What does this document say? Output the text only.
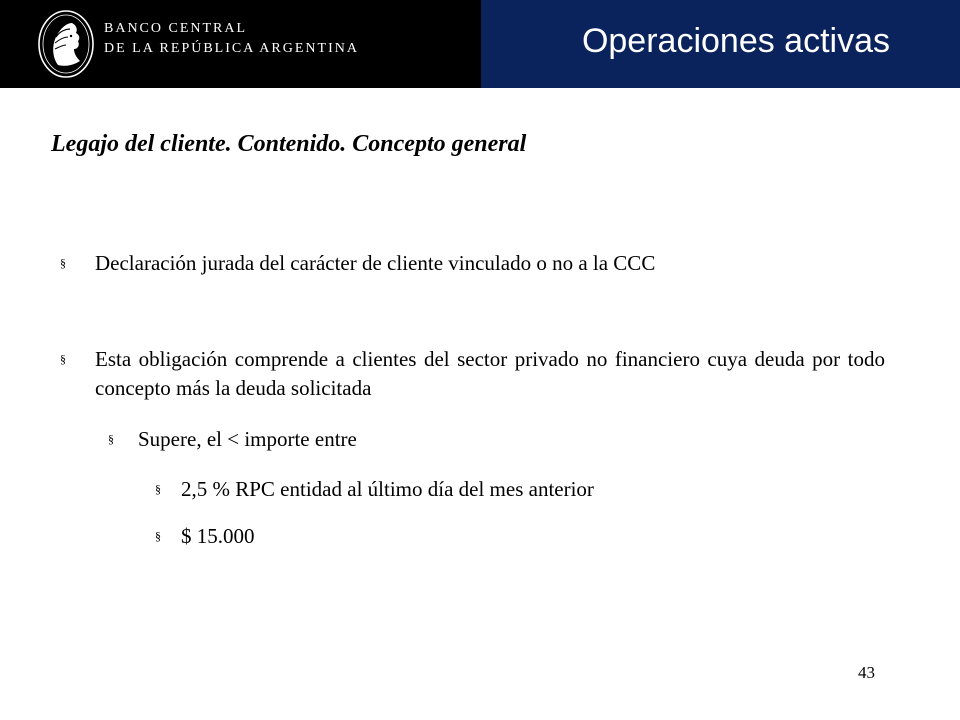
BANCO CENTRAL
DE LA REPÚBLICA ARGENTINA	Operaciones activas
Legajo del cliente. Contenido. Concepto general
§ Declaración jurada del carácter de cliente vinculado o no a la CCC
§ Esta obligación comprende a clientes del sector privado no financiero cuya deuda por todo concepto más la deuda solicitada
§ Supere, el < importe entre
§ 2,5 % RPC entidad al último día del mes anterior
§ $ 15.000
43
